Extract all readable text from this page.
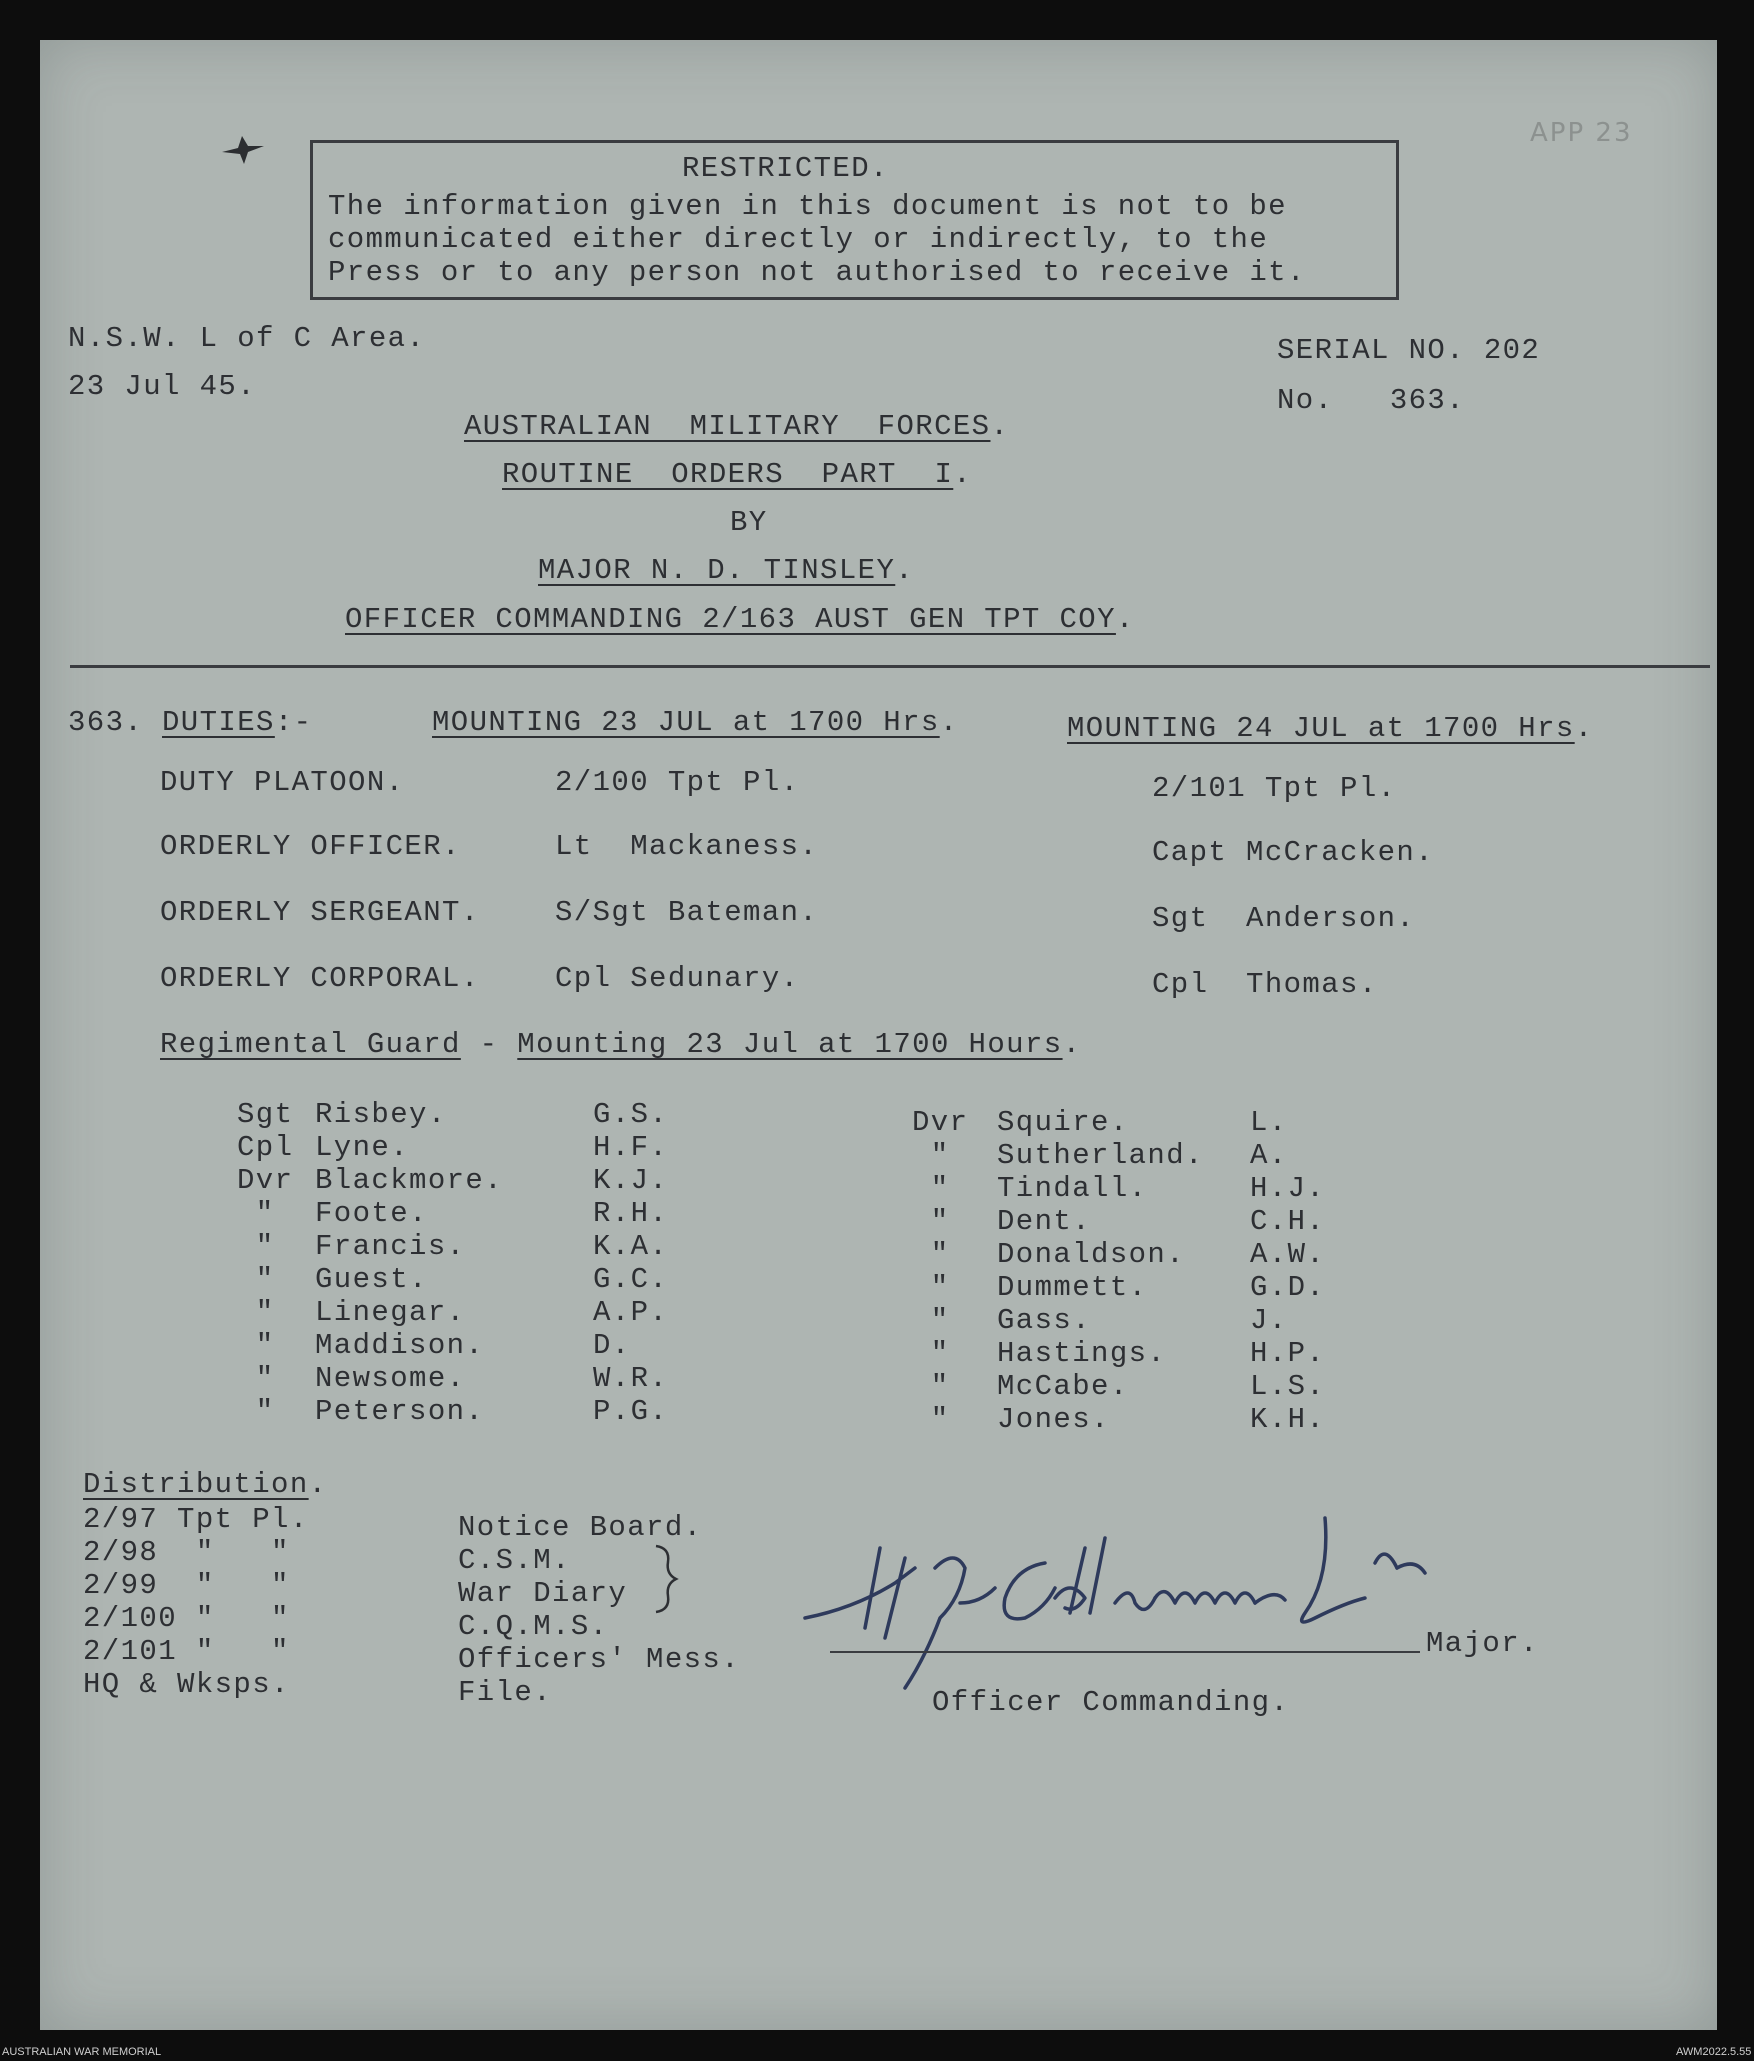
APP 23
RESTRICTED.
The information given in this document is not to be
communicated either directly or indirectly, to the
Press or to any person not authorised to receive it.
N.S.W. L of C Area.
23 Jul 45.
SERIAL NO. 202
No.   363.
AUSTRALIAN  MILITARY  FORCES.
ROUTINE  ORDERS  PART  I.
BY
MAJOR N. D. TINSLEY.
OFFICER COMMANDING 2/163 AUST GEN TPT COY.
363. DUTIES:-	MOUNTING 23 JUL at 1700 Hrs.	MOUNTING 24 JUL at 1700 Hrs.
DUTY PLATOON.	2/100 Tpt Pl.	2/101 Tpt Pl.
ORDERLY OFFICER.	Lt  Mackaness.	Capt McCracken.
ORDERLY SERGEANT.	S/Sgt Bateman.	Sgt  Anderson.
ORDERLY CORPORAL.	Cpl Sedunary.	Cpl  Thomas.
Regimental Guard - Mounting 23 Jul at 1700 Hours.
Sgt Risbey.	G.S.
Cpl Lyne.	H.F.
Dvr Blackmore.	K.J.
" Foote.	R.H.
" Francis.	K.A.
" Guest.	G.C.
" Linegar.	A.P.
" Maddison.	D.
" Newsome.	W.R.
" Peterson.	P.G.
Dvr Squire.	L.
" Sutherland. A.
" Tindall.	H.J.
" Dent.	C.H.
" Donaldson. A.W.
" Dummett.	G.D.
" Gass.	J.
" Hastings.	H.P.
" McCabe.	L.S.
" Jones.	K.H.
Distribution.
2/97 Tpt Pl.
2/98  "   "
2/99  "   "
2/100 "   "
2/101 "   "
HQ & Wksps.
Notice Board.
C.S.M.
War Diary
C.Q.M.S.
Officers' Mess.
File.
Major.
Officer Commanding.
AUSTRALIAN WAR MEMORIAL	AWM2022.5.55
